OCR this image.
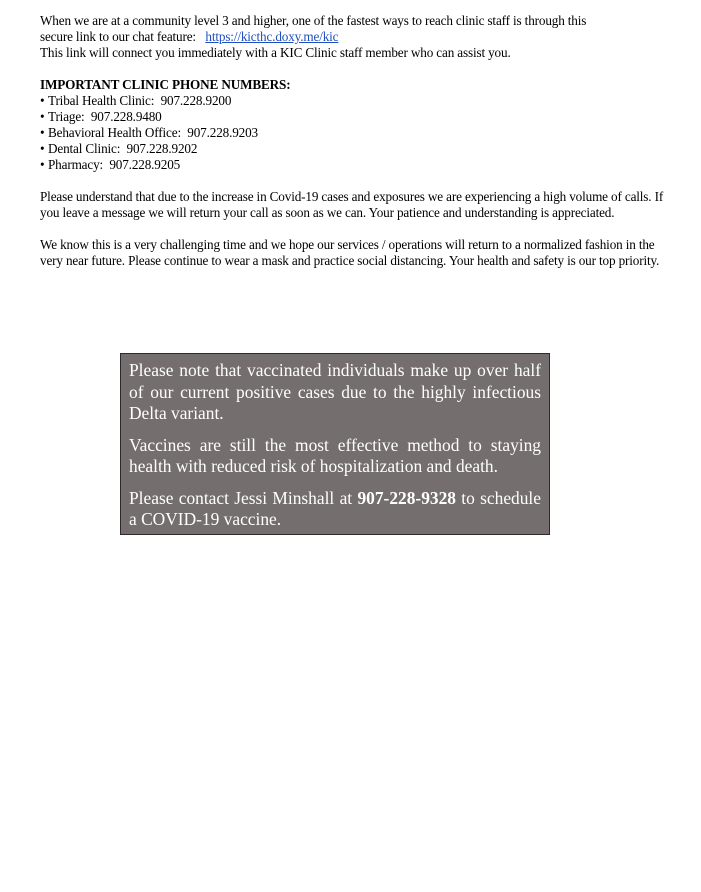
When we are at a community level 3 and higher, one of the fastest ways to reach clinic staff is through this
secure link to our chat feature: https://kicthc.doxy.me/kic
This link will connect you immediately with a KIC Clinic staff member who can assist you.

IMPORTANT CLINIC PHONE NUMBERS:

• Tribal Health Clinic: 907.228.9200
• Triage: 907.228.9480
• Behavioral Health Office: 907.228.9203
• Dental Clinic: 907.228.9202
• Pharmacy: 907.228.9205

Please understand that due to the increase in Covid-19 cases and exposures we are experiencing a high volume of calls. If you leave a message we will return your call as soon as we can. Your patience and understanding is appreciated.

We know this is a very challenging time and we hope our services / operations will return to a normalized fashion in the very near future. Please continue to wear a mask and practice social distancing. Your health and safety is our top priority.

Please note that vaccinated individuals make up over half of our current positive cases due to the highly infectious Delta variant.

Vaccines are still the most effective method to staying health with reduced risk of hospitalization and death.

Please contact Jessi Minshall at 907-228-9328 to schedule a COVID-19 vaccine.
